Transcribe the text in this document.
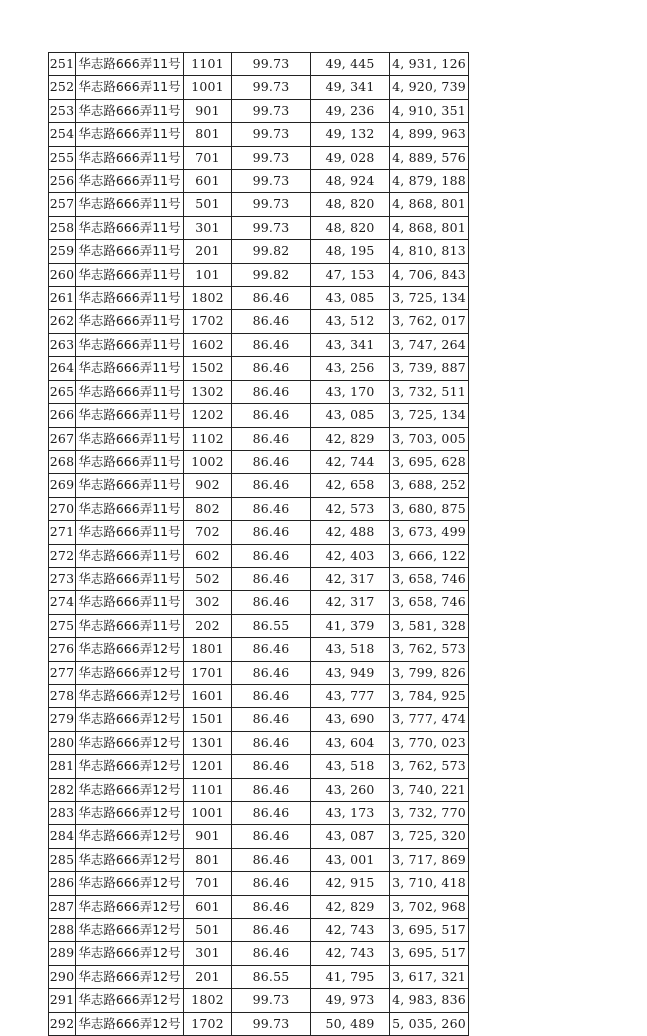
251	华志路666弄11号	1101	99.73	49, 445	4, 931, 126
252	华志路666弄11号	1001	99.73	49, 341	4, 920, 739
253	华志路666弄11号	901	99.73	49, 236	4, 910, 351
254	华志路666弄11号	801	99.73	49, 132	4, 899, 963
255	华志路666弄11号	701	99.73	49, 028	4, 889, 576
256	华志路666弄11号	601	99.73	48, 924	4, 879, 188
257	华志路666弄11号	501	99.73	48, 820	4, 868, 801
258	华志路666弄11号	301	99.73	48, 820	4, 868, 801
259	华志路666弄11号	201	99.82	48, 195	4, 810, 813
260	华志路666弄11号	101	99.82	47, 153	4, 706, 843
261	华志路666弄11号	1802	86.46	43, 085	3, 725, 134
262	华志路666弄11号	1702	86.46	43, 512	3, 762, 017
263	华志路666弄11号	1602	86.46	43, 341	3, 747, 264
264	华志路666弄11号	1502	86.46	43, 256	3, 739, 887
265	华志路666弄11号	1302	86.46	43, 170	3, 732, 511
266	华志路666弄11号	1202	86.46	43, 085	3, 725, 134
267	华志路666弄11号	1102	86.46	42, 829	3, 703, 005
268	华志路666弄11号	1002	86.46	42, 744	3, 695, 628
269	华志路666弄11号	902	86.46	42, 658	3, 688, 252
270	华志路666弄11号	802	86.46	42, 573	3, 680, 875
271	华志路666弄11号	702	86.46	42, 488	3, 673, 499
272	华志路666弄11号	602	86.46	42, 403	3, 666, 122
273	华志路666弄11号	502	86.46	42, 317	3, 658, 746
274	华志路666弄11号	302	86.46	42, 317	3, 658, 746
275	华志路666弄11号	202	86.55	41, 379	3, 581, 328
276	华志路666弄12号	1801	86.46	43, 518	3, 762, 573
277	华志路666弄12号	1701	86.46	43, 949	3, 799, 826
278	华志路666弄12号	1601	86.46	43, 777	3, 784, 925
279	华志路666弄12号	1501	86.46	43, 690	3, 777, 474
280	华志路666弄12号	1301	86.46	43, 604	3, 770, 023
281	华志路666弄12号	1201	86.46	43, 518	3, 762, 573
282	华志路666弄12号	1101	86.46	43, 260	3, 740, 221
283	华志路666弄12号	1001	86.46	43, 173	3, 732, 770
284	华志路666弄12号	901	86.46	43, 087	3, 725, 320
285	华志路666弄12号	801	86.46	43, 001	3, 717, 869
286	华志路666弄12号	701	86.46	42, 915	3, 710, 418
287	华志路666弄12号	601	86.46	42, 829	3, 702, 968
288	华志路666弄12号	501	86.46	42, 743	3, 695, 517
289	华志路666弄12号	301	86.46	42, 743	3, 695, 517
290	华志路666弄12号	201	86.55	41, 795	3, 617, 321
291	华志路666弄12号	1802	99.73	49, 973	4, 983, 836
292	华志路666弄12号	1702	99.73	50, 489	5, 035, 260
